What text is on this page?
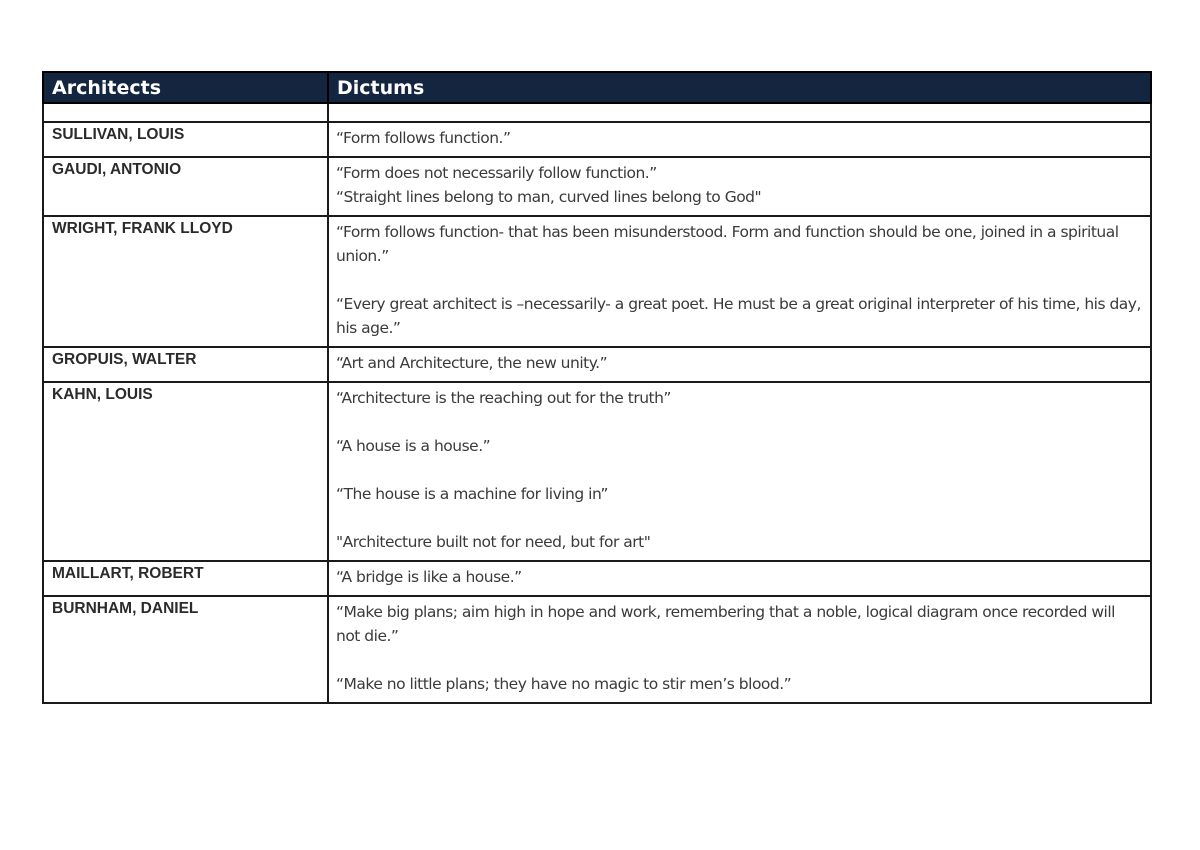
Architects	Dictums

SULLIVAN, LOUIS	“Form follows function.”

GAUDI, ANTONIO	“Form does not necessarily follow function.”
“Straight lines belong to man, curved lines belong to God"

WRIGHT, FRANK LLOYD	“Form follows function- that has been misunderstood. Form and function should be one, joined in a spiritual union.”
“Every great architect is –necessarily- a great poet. He must be a great original interpreter of his time, his day, his age.”

GROPUIS, WALTER	“Art and Architecture, the new unity.”

KAHN, LOUIS	“Architecture is the reaching out for the truth”
“A house is a house.”
“The house is a machine for living in”
"Architecture built not for need, but for art"

MAILLART, ROBERT	“A bridge is like a house.”

BURNHAM, DANIEL	“Make big plans; aim high in hope and work, remembering that a noble, logical diagram once recorded will not die.”
“Make no little plans; they have no magic to stir men’s blood.”
